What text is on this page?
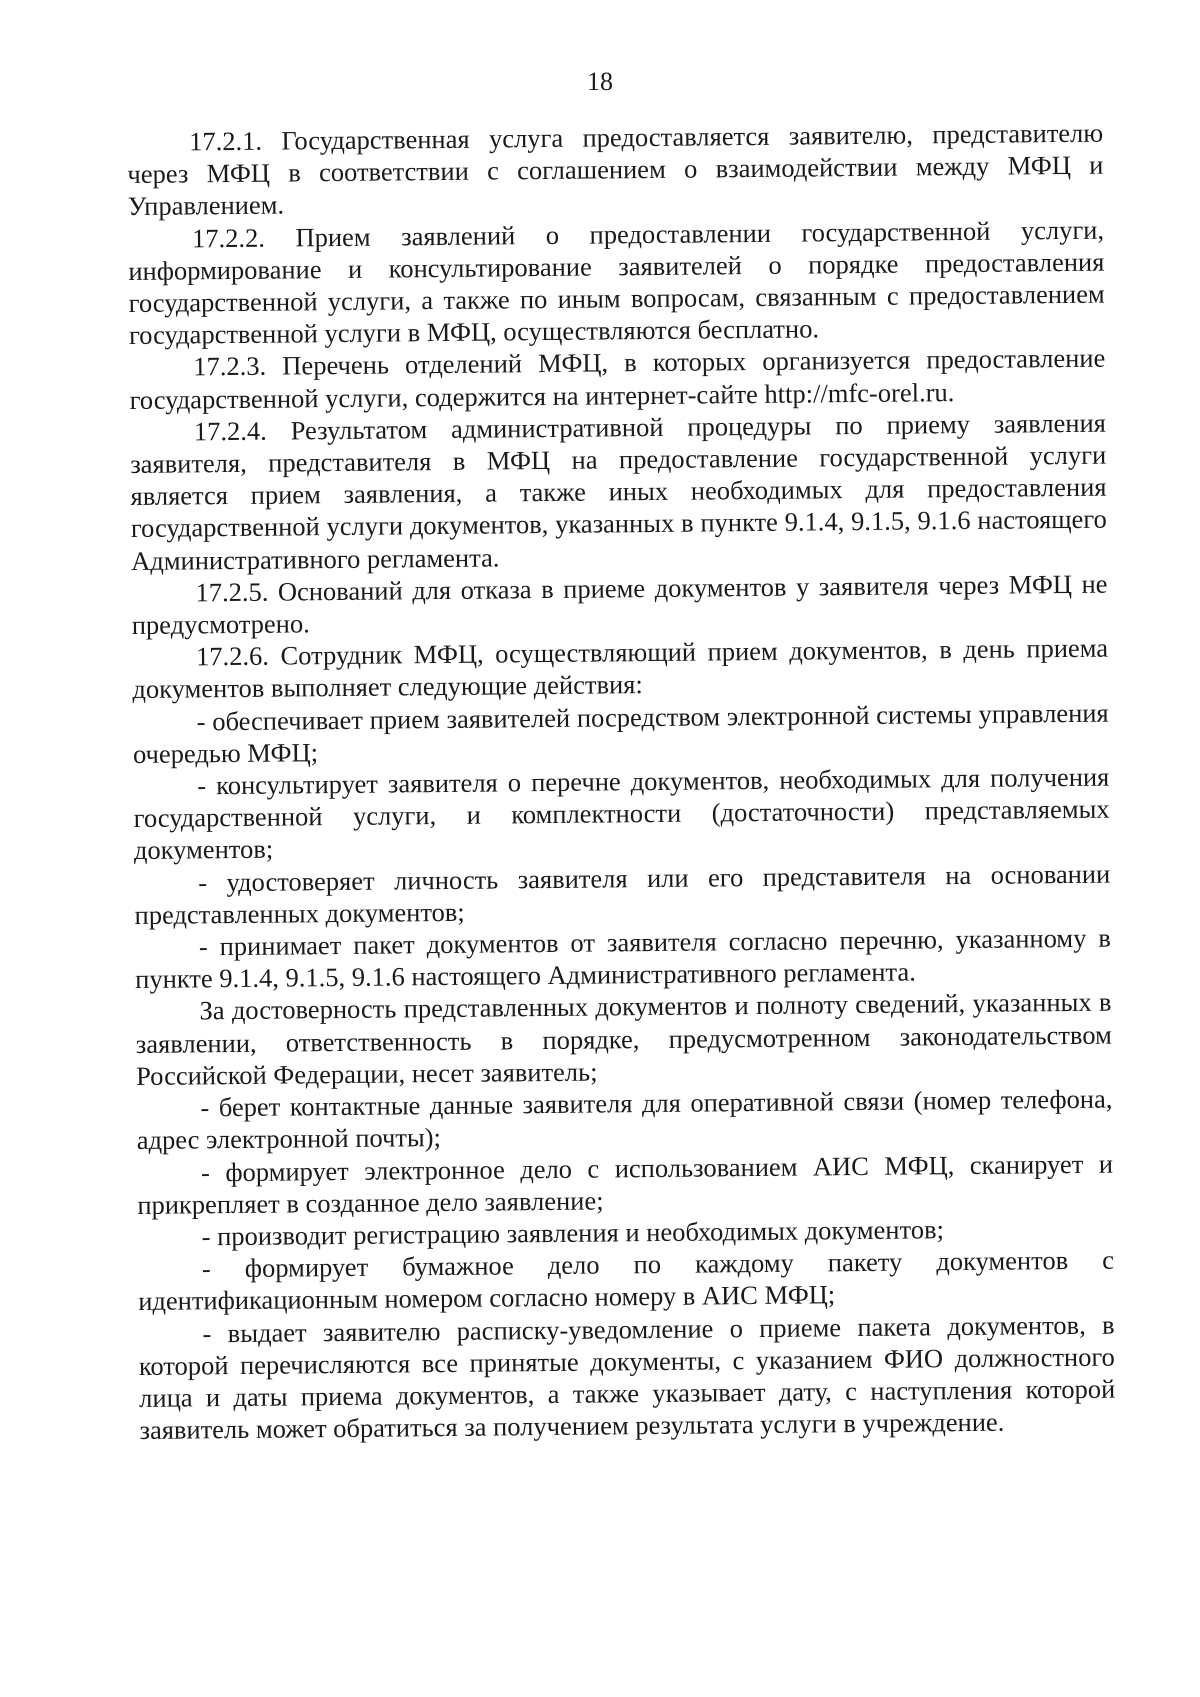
18

17.2.1. Государственная услуга предоставляется заявителю, представителю через МФЦ в соответствии с соглашением о взаимодействии между МФЦ и Управлением.

17.2.2. Прием заявлений о предоставлении государственной услуги, информирование и консультирование заявителей о порядке предоставления государственной услуги, а также по иным вопросам, связанным с предоставлением государственной услуги в МФЦ, осуществляются бесплатно.

17.2.3. Перечень отделений МФЦ, в которых организуется предоставление государственной услуги, содержится на интернет-сайте http://mfc-orel.ru.

17.2.4. Результатом административной процедуры по приему заявления заявителя, представителя в МФЦ на предоставление государственной услуги является прием заявления, а также иных необходимых для предоставления государственной услуги документов, указанных в пункте 9.1.4, 9.1.5, 9.1.6 настоящего Административного регламента.

17.2.5. Оснований для отказа в приеме документов у заявителя через МФЦ не предусмотрено.

17.2.6. Сотрудник МФЦ, осуществляющий прием документов, в день приема документов выполняет следующие действия:

- обеспечивает прием заявителей посредством электронной системы управления очередью МФЦ;

- консультирует заявителя о перечне документов, необходимых для получения государственной услуги, и комплектности (достаточности) представляемых документов;

- удостоверяет личность заявителя или его представителя на основании представленных документов;

- принимает пакет документов от заявителя согласно перечню, указанному в пункте 9.1.4, 9.1.5, 9.1.6 настоящего Административного регламента.

За достоверность представленных документов и полноту сведений, указанных в заявлении, ответственность в порядке, предусмотренном законодательством Российской Федерации, несет заявитель;

- берет контактные данные заявителя для оперативной связи (номер телефона, адрес электронной почты);

- формирует электронное дело с использованием АИС МФЦ, сканирует и прикрепляет в созданное дело заявление;

- производит регистрацию заявления и необходимых документов;

- формирует бумажное дело по каждому пакету документов с идентификационным номером согласно номеру в АИС МФЦ;

- выдает заявителю расписку-уведомление о приеме пакета документов, в которой перечисляются все принятые документы, с указанием ФИО должностного лица и даты приема документов, а также указывает дату, с наступления которой заявитель может обратиться за получением результата услуги в учреждение.
